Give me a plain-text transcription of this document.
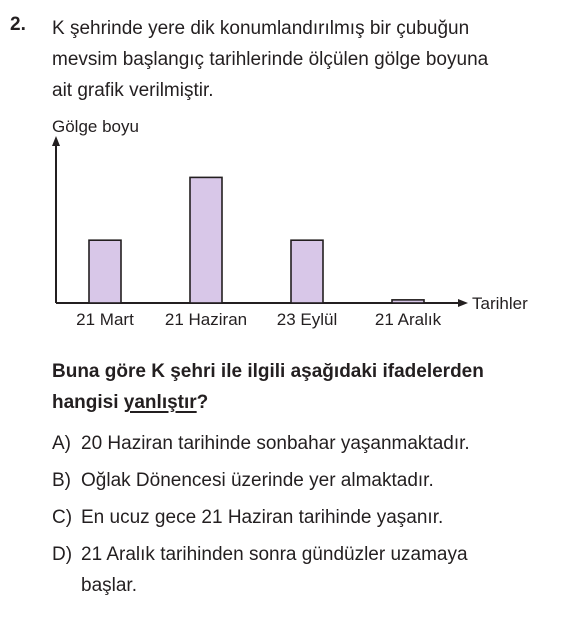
2. K şehrinde yere dik konumlandırılmış bir çubuğun
mevsim başlangıç tarihlerinde ölçülen gölge boyuna
ait grafik verilmiştir.

Gölge boyu
Tarihler
21 Mart 21 Haziran 23 Eylül 21 Aralık

Buna göre K şehri ile ilgili aşağıdaki ifadelerden
hangisi yanlıştır?

A) 20 Haziran tarihinde sonbahar yaşanmaktadır.
B) Oğlak Dönencesi üzerinde yer almaktadır.
C) En ucuz gece 21 Haziran tarihinde yaşanır.
D) 21 Aralık tarihinden sonra gündüzler uzamaya
başlar.
